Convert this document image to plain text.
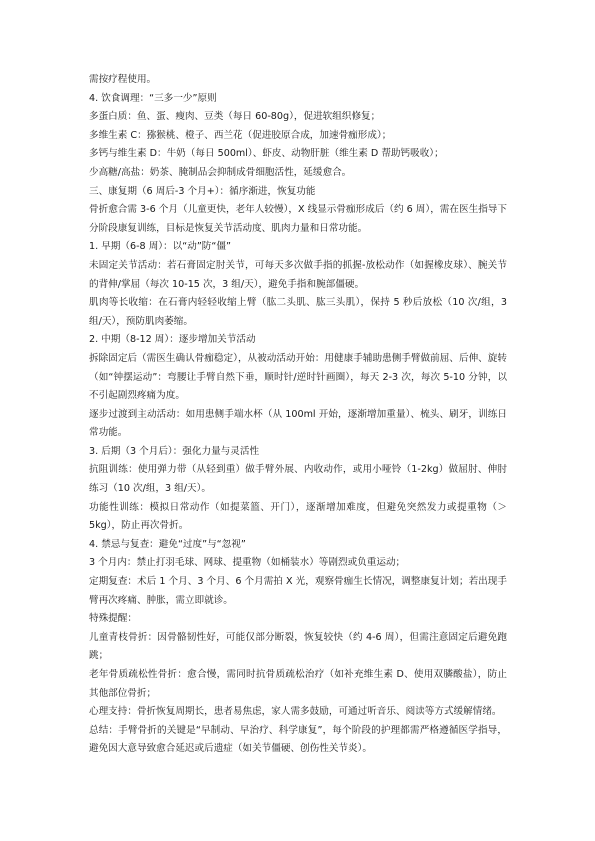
需按疗程使用。

4. 饮食调理：“三多一少”原则

多蛋白质：鱼、蛋、瘦肉、豆类（每日 60-80g），促进软组织修复；

多维生素 C：猕猴桃、橙子、西兰花（促进胶原合成，加速骨痂形成）；

多钙与维生素 D：牛奶（每日 500ml）、虾皮、动物肝脏（维生素 D 帮助钙吸收）；

少高糖/高盐：奶茶、腌制品会抑制成骨细胞活性，延缓愈合。

三、康复期（6 周后-3 个月+）：循序渐进，恢复功能

骨折愈合需 3-6 个月（儿童更快，老年人较慢），X 线显示骨痂形成后（约 6 周），需在医生指导下分阶段康复训练，目标是恢复关节活动度、肌肉力量和日常功能。

1. 早期（6-8 周）：以“动”防“僵”

未固定关节活动：若石膏固定肘关节，可每天多次做手指的抓握-放松动作（如握橡皮球）、腕关节的背伸/掌屈（每次 10-15 次，3 组/天），避免手指和腕部僵硬。

肌肉等长收缩：在石膏内轻轻收缩上臂（肱二头肌、肱三头肌），保持 5 秒后放松（10 次/组，3 组/天），预防肌肉萎缩。

2. 中期（8-12 周）：逐步增加关节活动

拆除固定后（需医生确认骨痂稳定），从被动活动开始：用健康手辅助患侧手臂做前屈、后伸、旋转（如“钟摆运动”：弯腰让手臂自然下垂，顺时针/逆时针画圈），每天 2-3 次，每次 5-10 分钟，以不引起剧烈疼痛为度。

逐步过渡到主动活动：如用患侧手端水杯（从 100ml 开始，逐渐增加重量）、梳头、刷牙，训练日常功能。

3. 后期（3 个月后）：强化力量与灵活性

抗阻训练：使用弹力带（从轻到重）做手臂外展、内收动作，或用小哑铃（1-2kg）做屈肘、伸肘练习（10 次/组，3 组/天）。

功能性训练：模拟日常动作（如提菜篮、开门），逐渐增加难度，但避免突然发力或提重物（＞5kg），防止再次骨折。

4. 禁忌与复查：避免“过度”与“忽视”

3 个月内：禁止打羽毛球、网球、提重物（如桶装水）等剧烈或负重运动；

定期复查：术后 1 个月、3 个月、6 个月需拍 X 光，观察骨痂生长情况，调整康复计划；若出现手臂再次疼痛、肿胀，需立即就诊。

特殊提醒：

儿童青枝骨折：因骨骼韧性好，可能仅部分断裂，恢复较快（约 4-6 周），但需注意固定后避免跑跳；

老年骨质疏松性骨折：愈合慢，需同时抗骨质疏松治疗（如补充维生素 D、使用双膦酸盐），防止其他部位骨折；

心理支持：骨折恢复周期长，患者易焦虑，家人需多鼓励，可通过听音乐、阅读等方式缓解情绪。

总结：手臂骨折的关键是“早制动、早治疗、科学康复”，每个阶段的护理都需严格遵循医学指导，避免因大意导致愈合延迟或后遗症（如关节僵硬、创伤性关节炎）。
